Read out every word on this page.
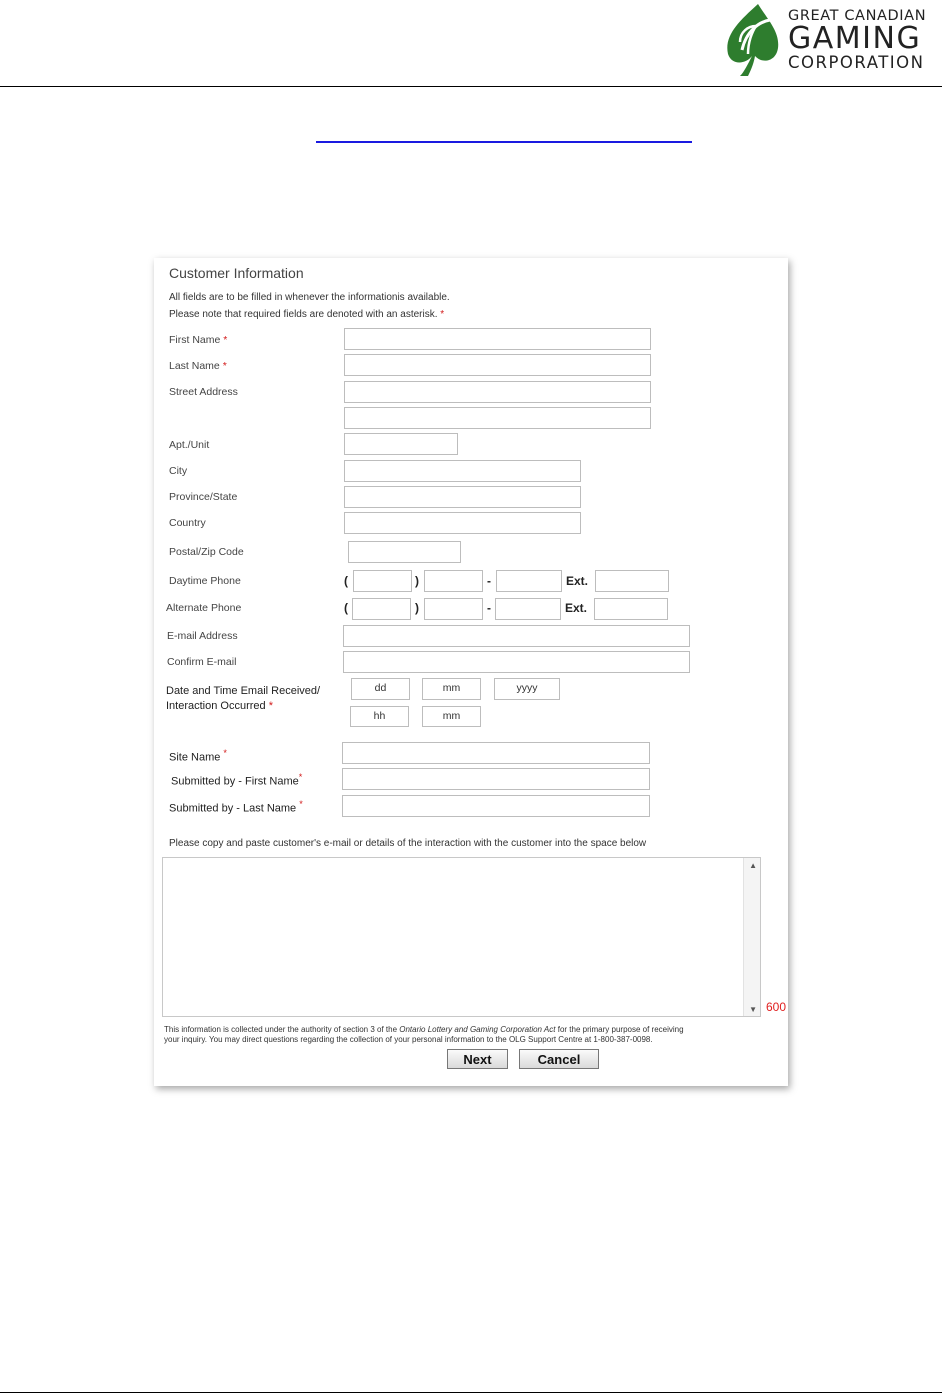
GREAT CANADIAN
GAMING
CORPORATION
Customer Information
All fields are to be filled in whenever the informationis available.
Please note that required fields are denoted with an asterisk. *
First Name *
Last Name *
Street Address
Apt./Unit
City
Province/State
Country
Postal/Zip Code
Daytime Phone	(	)	-	Ext.
Alternate Phone	(	)	-	Ext.
E-mail Address
Confirm E-mail
Date and Time Email Received/
Interaction Occurred *
dd	mm	yyyy
hh	mm
Site Name *
Submitted by - First Name*
Submitted by - Last Name *
Please copy and paste customer's e-mail or details of the interaction with the customer into the space below
▲
▼ 600
This information is collected under the authority of section 3 of the Ontario Lottery and Gaming Corporation Act for the primary purpose of receiving
your inquiry. You may direct questions regarding the collection of your personal information to the OLG Support Centre at 1-800-387-0098.
Next	Cancel
